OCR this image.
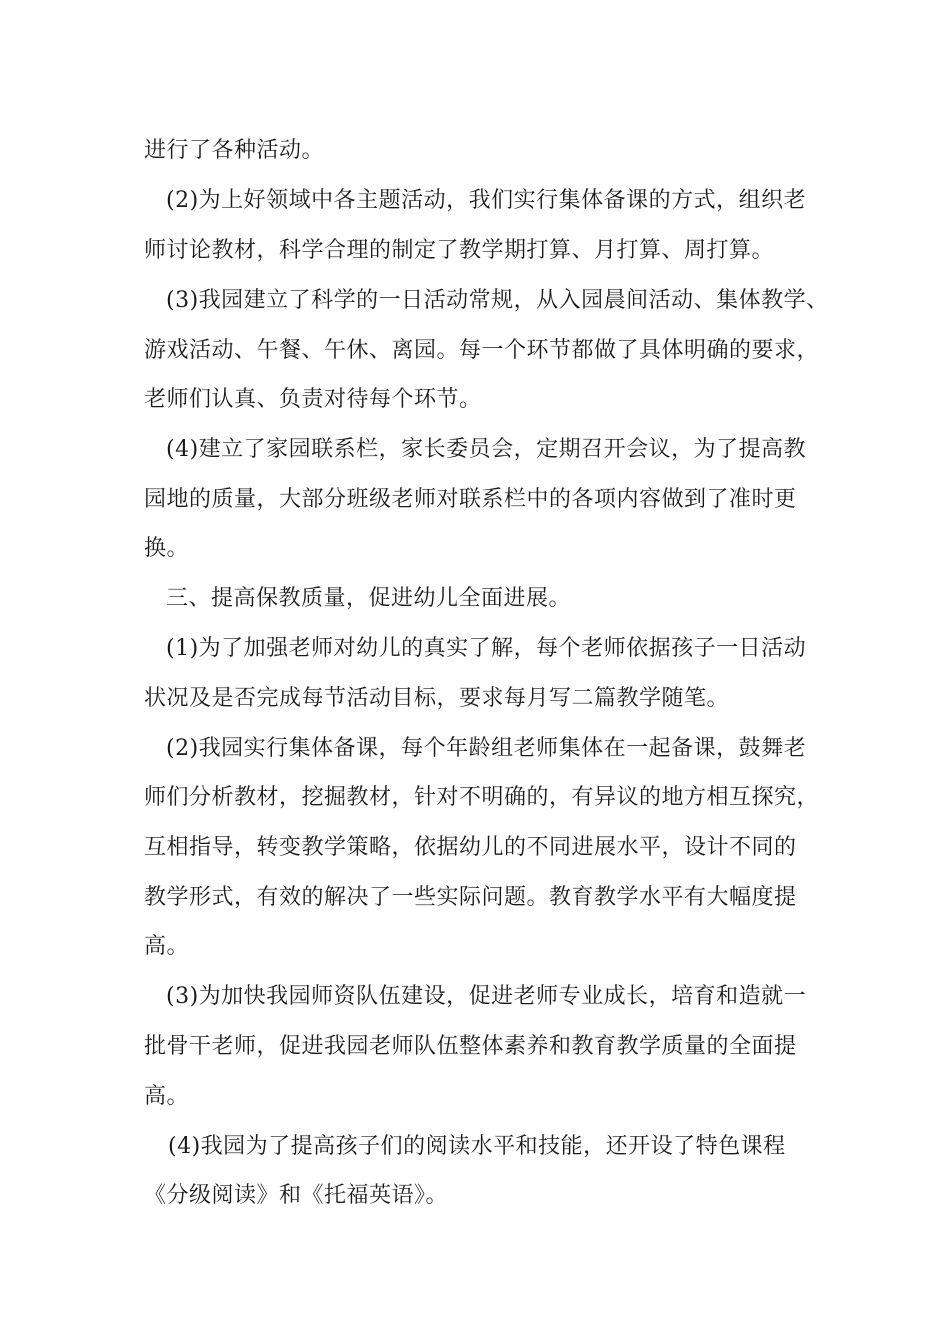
进行了各种活动。
(2)为上好领域中各主题活动，我们实行集体备课的方式，组织老
师讨论教材，科学合理的制定了教学期打算、月打算、周打算。
(3)我园建立了科学的一日活动常规，从入园晨间活动、集体教学、
游戏活动、午餐、午休、离园。每一个环节都做了具体明确的要求，
老师们认真、负责对待每个环节。
(4)建立了家园联系栏，家长委员会，定期召开会议，为了提高教
园地的质量，大部分班级老师对联系栏中的各项内容做到了准时更
换。
三、提高保教质量，促进幼儿全面进展。
(1)为了加强老师对幼儿的真实了解，每个老师依据孩子一日活动
状况及是否完成每节活动目标，要求每月写二篇教学随笔。
(2)我园实行集体备课，每个年龄组老师集体在一起备课，鼓舞老
师们分析教材，挖掘教材，针对不明确的，有异议的地方相互探究，
互相指导，转变教学策略，依据幼儿的不同进展水平，设计不同的
教学形式，有效的解决了一些实际问题。教育教学水平有大幅度提
高。
(3)为加快我园师资队伍建设，促进老师专业成长，培育和造就一
批骨干老师，促进我园老师队伍整体素养和教育教学质量的全面提
高。
(4)我园为了提高孩子们的阅读水平和技能，还开设了特色课程
《分级阅读》和《托福英语》。
